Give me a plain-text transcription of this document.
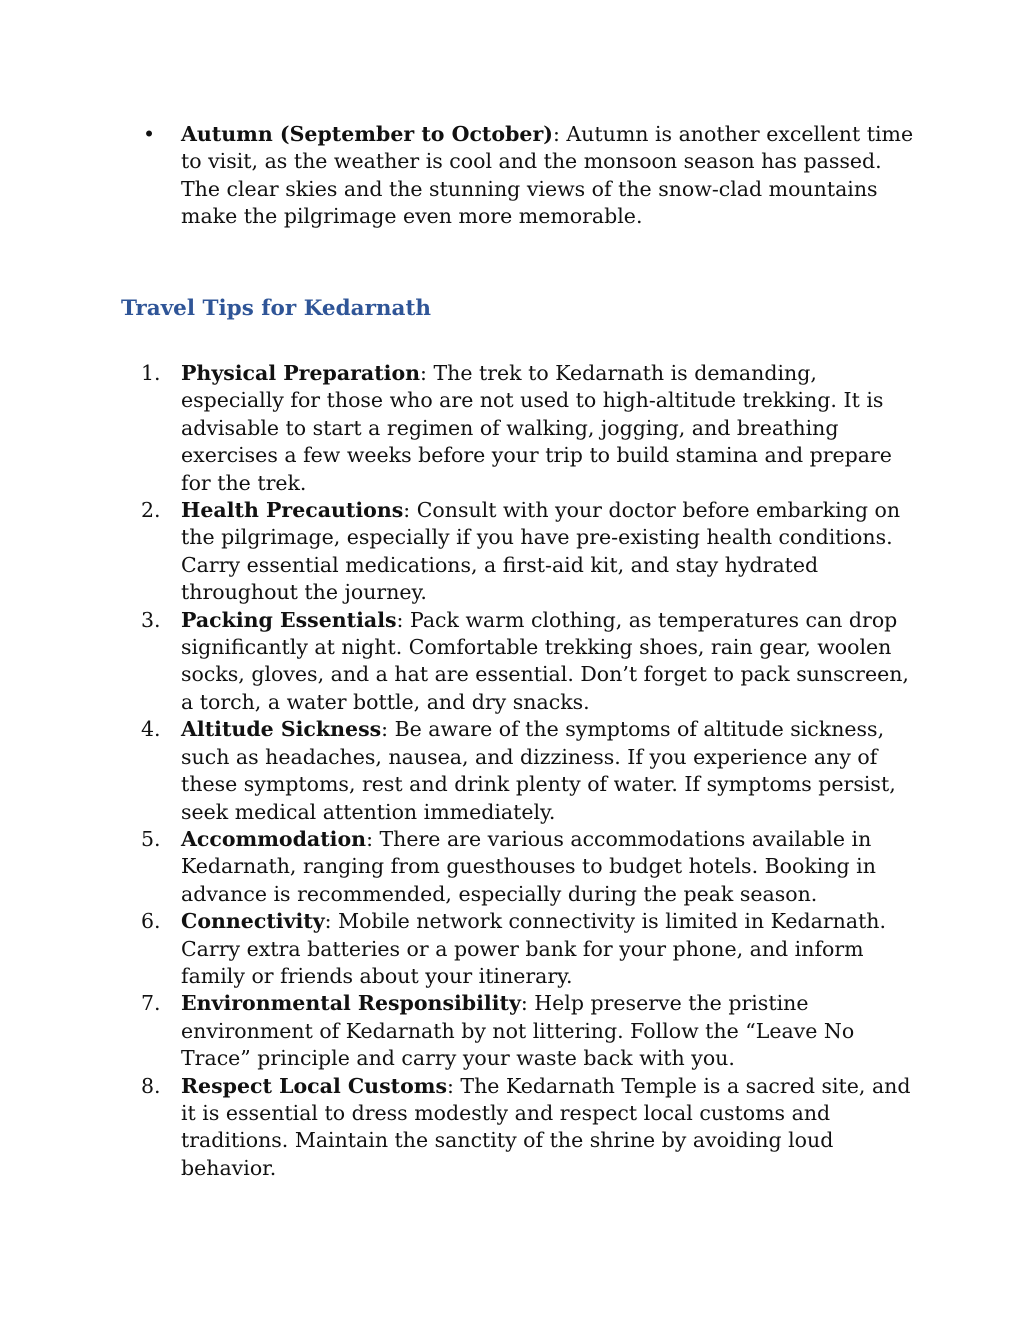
• Autumn (September to October): Autumn is another excellent time to visit, as the weather is cool and the monsoon season has passed. The clear skies and the stunning views of the snow-clad mountains make the pilgrimage even more memorable.
Travel Tips for Kedarnath
1. Physical Preparation: The trek to Kedarnath is demanding, especially for those who are not used to high-altitude trekking. It is advisable to start a regimen of walking, jogging, and breathing exercises a few weeks before your trip to build stamina and prepare for the trek.
2. Health Precautions: Consult with your doctor before embarking on the pilgrimage, especially if you have pre-existing health conditions. Carry essential medications, a first-aid kit, and stay hydrated throughout the journey.
3. Packing Essentials: Pack warm clothing, as temperatures can drop significantly at night. Comfortable trekking shoes, rain gear, woolen socks, gloves, and a hat are essential. Don’t forget to pack sunscreen, a torch, a water bottle, and dry snacks.
4. Altitude Sickness: Be aware of the symptoms of altitude sickness, such as headaches, nausea, and dizziness. If you experience any of these symptoms, rest and drink plenty of water. If symptoms persist, seek medical attention immediately.
5. Accommodation: There are various accommodations available in Kedarnath, ranging from guesthouses to budget hotels. Booking in advance is recommended, especially during the peak season.
6. Connectivity: Mobile network connectivity is limited in Kedarnath. Carry extra batteries or a power bank for your phone, and inform family or friends about your itinerary.
7. Environmental Responsibility: Help preserve the pristine environment of Kedarnath by not littering. Follow the “Leave No Trace” principle and carry your waste back with you.
8. Respect Local Customs: The Kedarnath Temple is a sacred site, and it is essential to dress modestly and respect local customs and traditions. Maintain the sanctity of the shrine by avoiding loud behavior.
